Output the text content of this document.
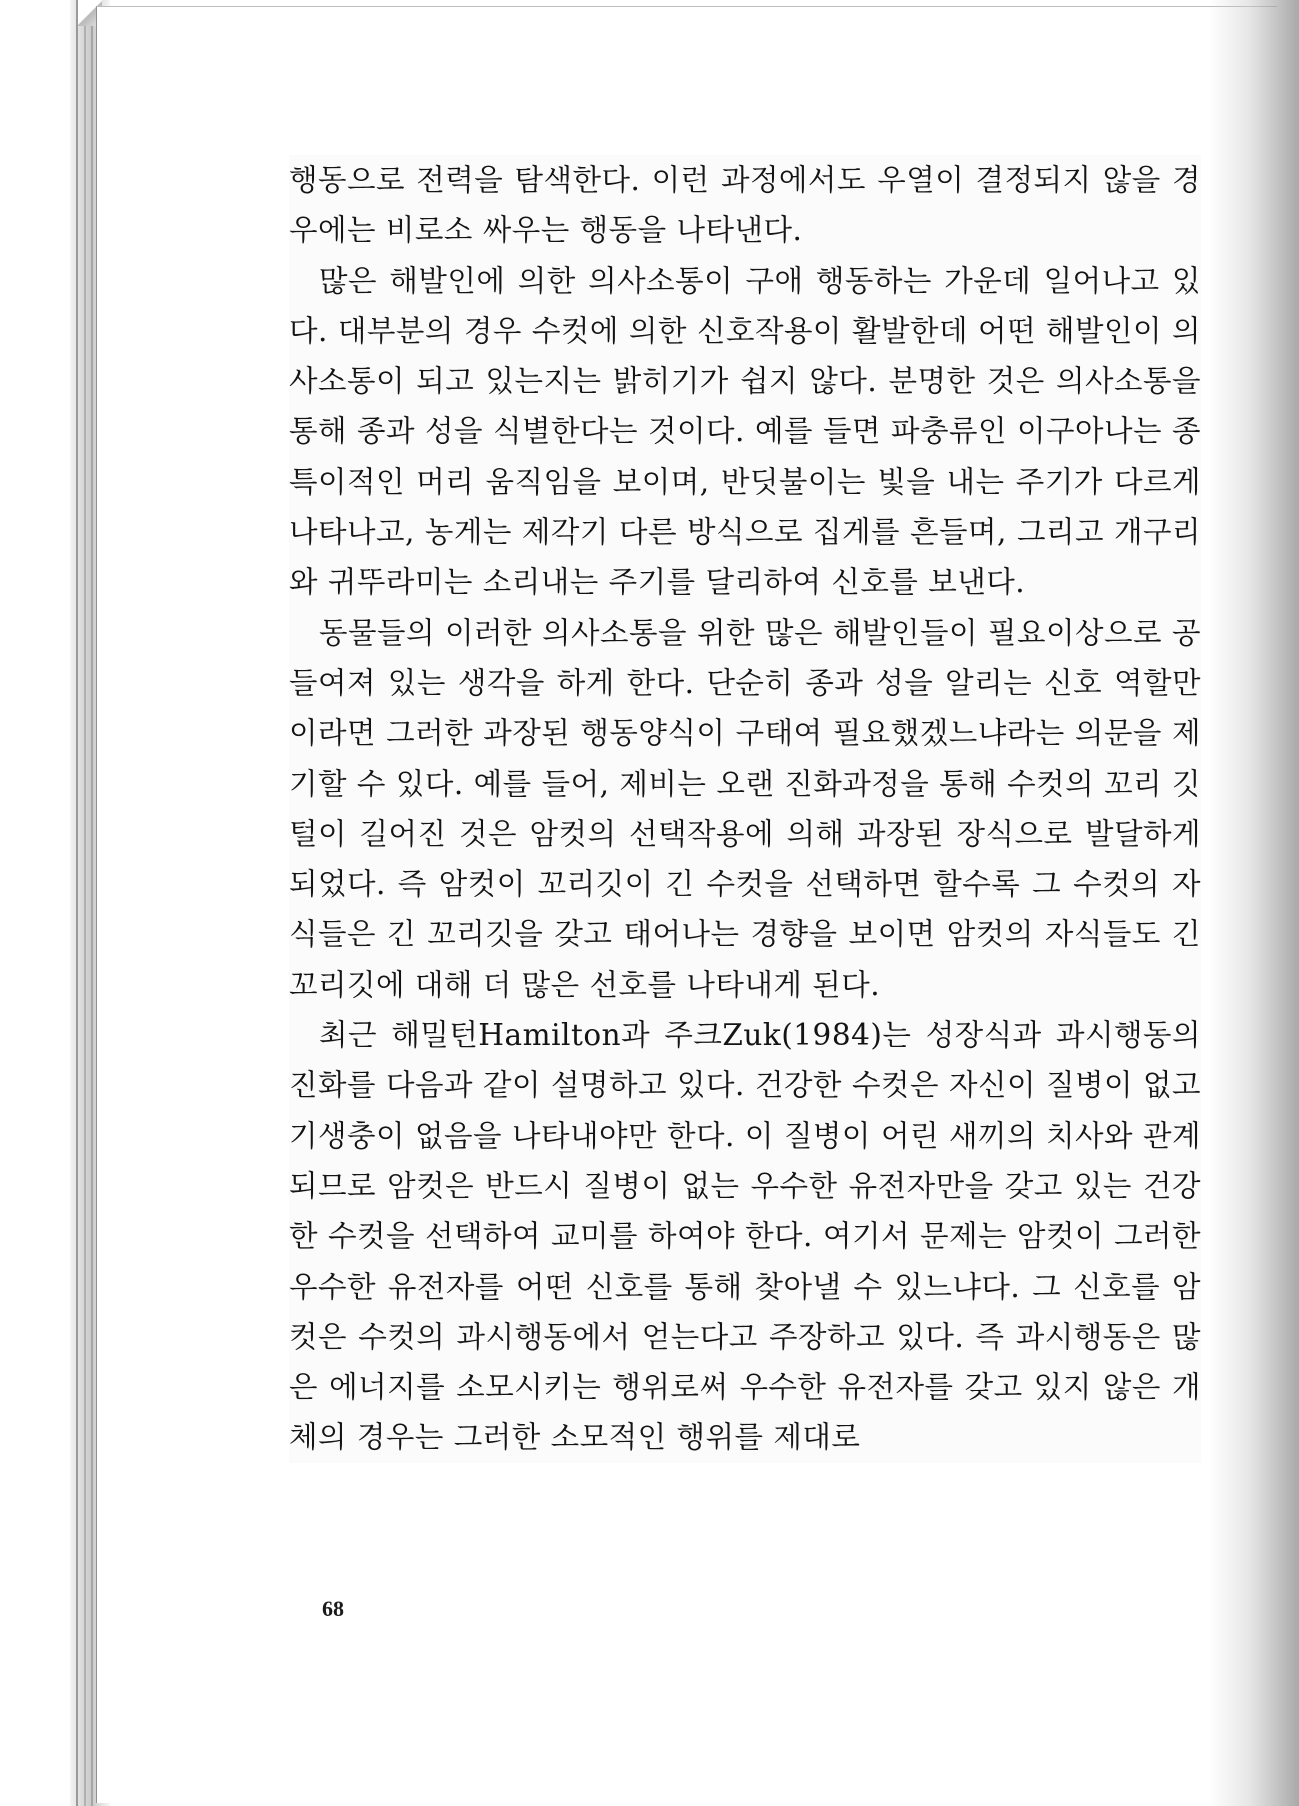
행동으로 전력을 탐색한다. 이런 과정에서도 우열이 결정되지 않을 경우에는 비로소 싸우는 행동을 나타낸다.

많은 해발인에 의한 의사소통이 구애 행동하는 가운데 일어나고 있다. 대부분의 경우 수컷에 의한 신호작용이 활발한데 어떤 해발인이 의사소통이 되고 있는지는 밝히기가 쉽지 않다. 분명한 것은 의사소통을 통해 종과 성을 식별한다는 것이다. 예를 들면 파충류인 이구아나는 종특이적인 머리 움직임을 보이며, 반딧불이는 빛을 내는 주기가 다르게 나타나고, 농게는 제각기 다른 방식으로 집게를 흔들며, 그리고 개구리와 귀뚜라미는 소리내는 주기를 달리하여 신호를 보낸다.

동물들의 이러한 의사소통을 위한 많은 해발인들이 필요이상으로 공들여져 있는 생각을 하게 한다. 단순히 종과 성을 알리는 신호 역할만이라면 그러한 과장된 행동양식이 구태여 필요했겠느냐라는 의문을 제기할 수 있다. 예를 들어, 제비는 오랜 진화과정을 통해 수컷의 꼬리 깃털이 길어진 것은 암컷의 선택작용에 의해 과장된 장식으로 발달하게 되었다. 즉 암컷이 꼬리깃이 긴 수컷을 선택하면 할수록 그 수컷의 자식들은 긴 꼬리깃을 갖고 태어나는 경향을 보이면 암컷의 자식들도 긴 꼬리깃에 대해 더 많은 선호를 나타내게 된다.

최근 해밀턴Hamilton과 주크Zuk(1984)는 성장식과 과시행동의 진화를 다음과 같이 설명하고 있다. 건강한 수컷은 자신이 질병이 없고 기생충이 없음을 나타내야만 한다. 이 질병이 어린 새끼의 치사와 관계되므로 암컷은 반드시 질병이 없는 우수한 유전자만을 갖고 있는 건강한 수컷을 선택하여 교미를 하여야 한다. 여기서 문제는 암컷이 그러한 우수한 유전자를 어떤 신호를 통해 찾아낼 수 있느냐다. 그 신호를 암컷은 수컷의 과시행동에서 얻는다고 주장하고 있다. 즉 과시행동은 많은 에너지를 소모시키는 행위로써 우수한 유전자를 갖고 있지 않은 개체의 경우는 그러한 소모적인 행위를 제대로

68
